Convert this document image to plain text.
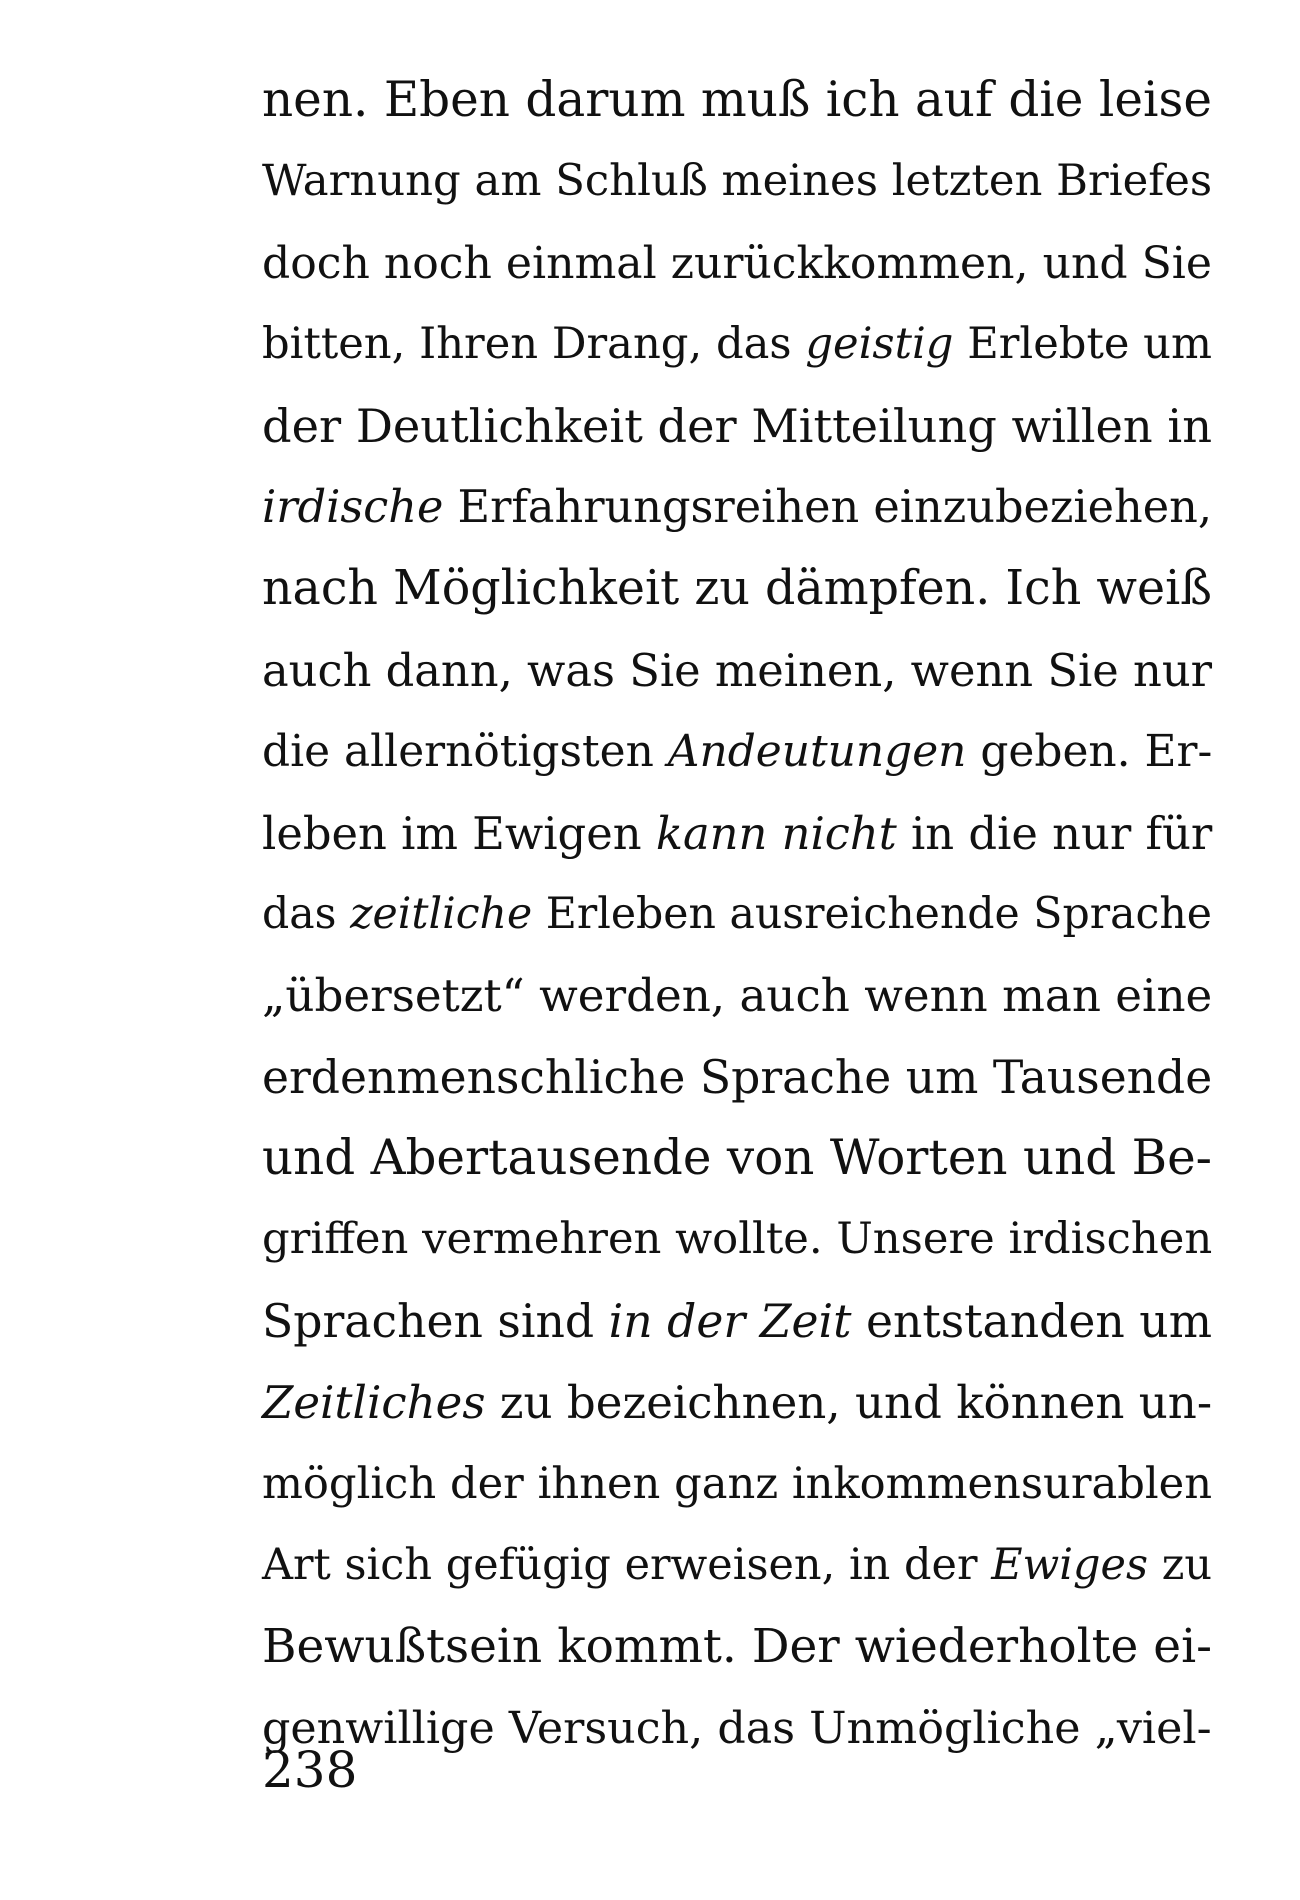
nen. Eben darum muß ich auf die leise
Warnung am Schluß meines letzten Briefes
doch noch einmal zurückkommen, und Sie
bitten, Ihren Drang, das geistig Erlebte um
der Deutlichkeit der Mitteilung willen in
irdische Erfahrungsreihen einzubeziehen,
nach Möglichkeit zu dämpfen. Ich weiß
auch dann, was Sie meinen, wenn Sie nur
die allernötigsten Andeutungen geben. Er-
leben im Ewigen kann nicht in die nur für
das zeitliche Erleben ausreichende Sprache
„übersetzt“ werden, auch wenn man eine
erdenmenschliche Sprache um Tausende
und Abertausende von Worten und Be-
griffen vermehren wollte. Unsere irdischen
Sprachen sind in der Zeit entstanden um
Zeitliches zu bezeichnen, und können un-
möglich der ihnen ganz inkommensurablen
Art sich gefügig erweisen, in der Ewiges zu
Bewußtsein kommt. Der wiederholte ei-
genwillige Versuch, das Unmögliche „viel-
238
